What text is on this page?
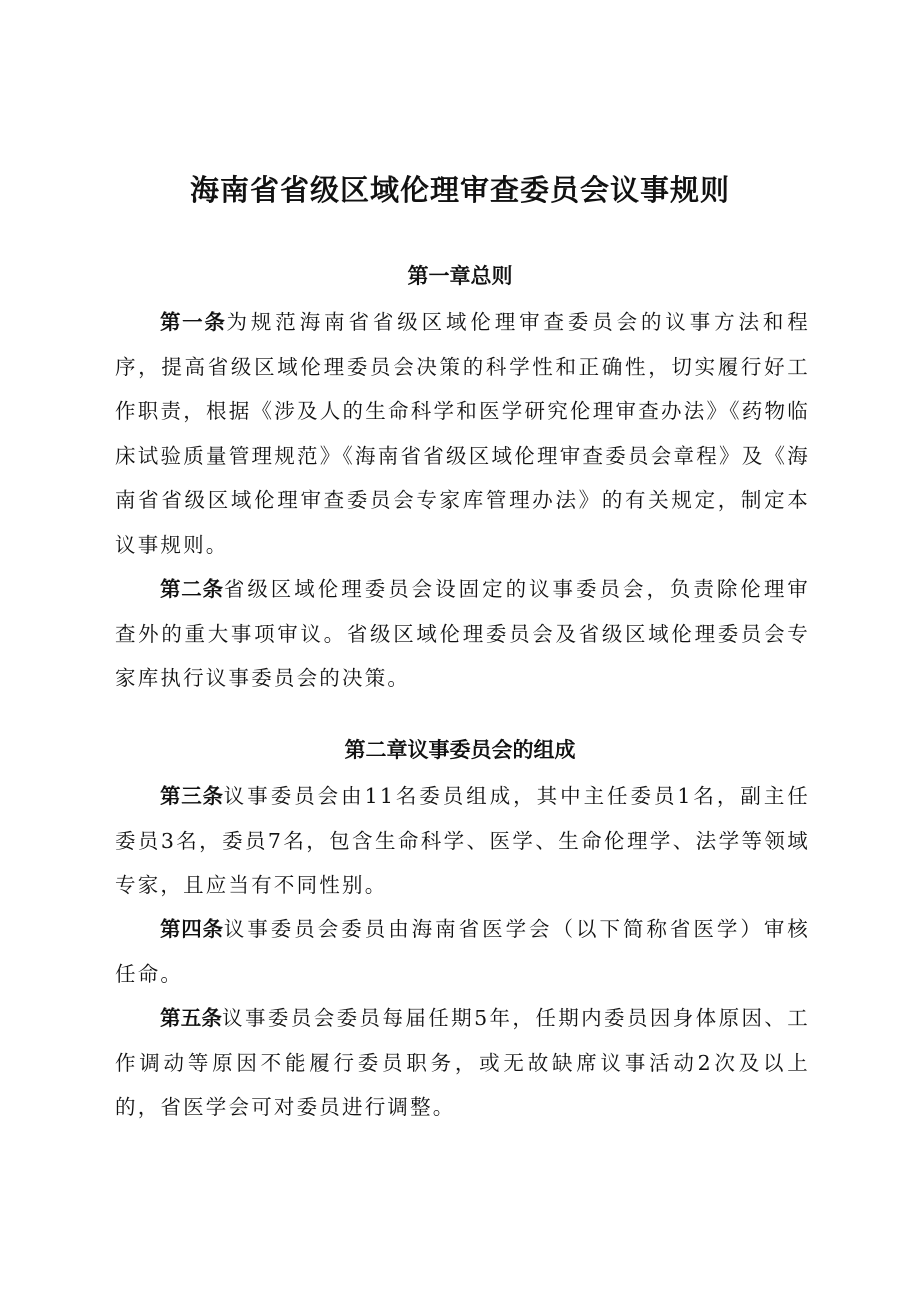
海南省省级区域伦理审查委员会议事规则
第一章总则

第一条为规范海南省省级区域伦理审查委员会的议事方法和程序，提高省级区域伦理委员会决策的科学性和正确性，切实履行好工作职责，根据《涉及人的生命科学和医学研究伦理审查办法》《药物临床试验质量管理规范》《海南省省级区域伦理审查委员会章程》及《海南省省级区域伦理审查委员会专家库管理办法》的有关规定，制定本议事规则。

第二条省级区域伦理委员会设固定的议事委员会，负责除伦理审查外的重大事项审议。省级区域伦理委员会及省级区域伦理委员会专家库执行议事委员会的决策。

第二章议事委员会的组成

第三条议事委员会由11名委员组成，其中主任委员1名，副主任委员3名，委员7名，包含生命科学、医学、生命伦理学、法学等领域专家，且应当有不同性别。

第四条议事委员会委员由海南省医学会（以下简称省医学）审核任命。

第五条议事委员会委员每届任期5年，任期内委员因身体原因、工作调动等原因不能履行委员职务，或无故缺席议事活动2次及以上的，省医学会可对委员进行调整。
